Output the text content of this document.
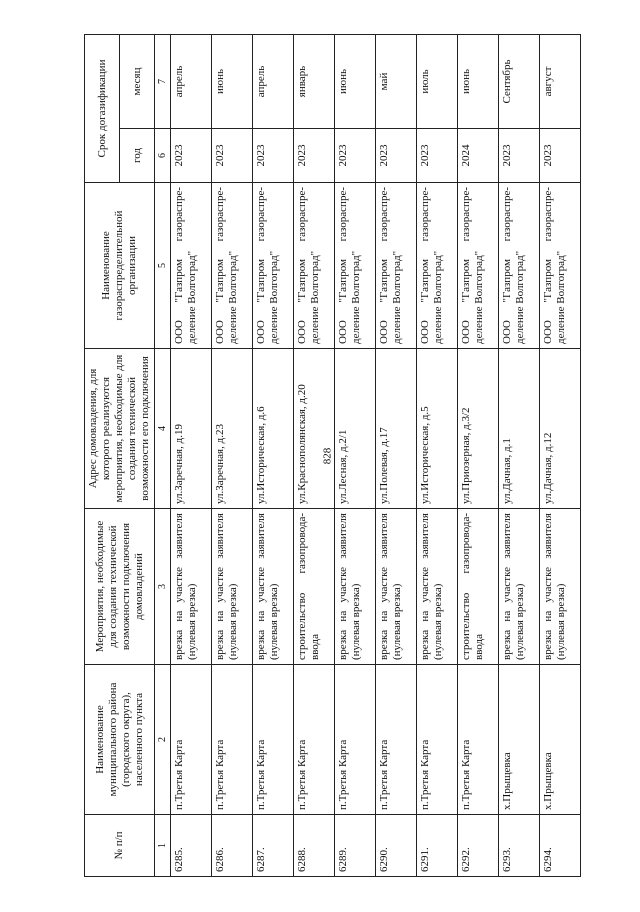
828
№ п/п	Наименование муниципального района (городского округа), населенного пункта	Мероприятия, необходимые для создания технической возможности подключения домовладений	Адрес домовладения, для которого реализуются мероприятия, необходимые для создания технической возможности его подключения	Наименование газораспределительной организации	Срок догазификации	
					год	месяц
1	2	3	4	5	6	7
6285.	п.Третья Карта	врезка на участке заявителя (нулевая врезка)	ул.Заречная, д.19	ООО "Газпром газораспре-деление Волгоград"	2023	апрель
6286.	п.Третья Карта	врезка на участке заявителя (нулевая врезка)	ул.Заречная, д.23	ООО "Газпром газораспре-деление Волгоград"	2023	июнь
6287.	п.Третья Карта	врезка на участке заявителя (нулевая врезка)	ул.Историческая, д.6	ООО "Газпром газораспре-деление Волгоград"	2023	апрель
6288.	п.Третья Карта	строительство газопровода-ввода	ул.Краснополянская, д.20	ООО "Газпром газораспре-деление Волгоград"	2023	январь
6289.	п.Третья Карта	врезка на участке заявителя (нулевая врезка)	ул.Лесная, д.2/1	ООО "Газпром газораспре-деление Волгоград"	2023	июнь
6290.	п.Третья Карта	врезка на участке заявителя (нулевая врезка)	ул.Полевая, д.17	ООО "Газпром газораспре-деление Волгоград"	2023	май
6291.	п.Третья Карта	врезка на участке заявителя (нулевая врезка)	ул.Историческая, д.5	ООО "Газпром газораспре-деление Волгоград"	2023	июль
6292.	п.Третья Карта	строительство газопровода-ввода	ул.Приозерная, д.3/2	ООО "Газпром газораспре-деление Волгоград"	2024	июнь
6293.	х.Прыщевка	врезка на участке заявителя (нулевая врезка)	ул.Дачная, д.1	ООО "Газпром газораспре-деление Волгоград"	2023	Сентябрь
6294.	х.Прыщевка	врезка на участке заявителя (нулевая врезка)	ул.Дачная, д.12	ООО "Газпром газораспре-деление Волгоград"	2023	август
